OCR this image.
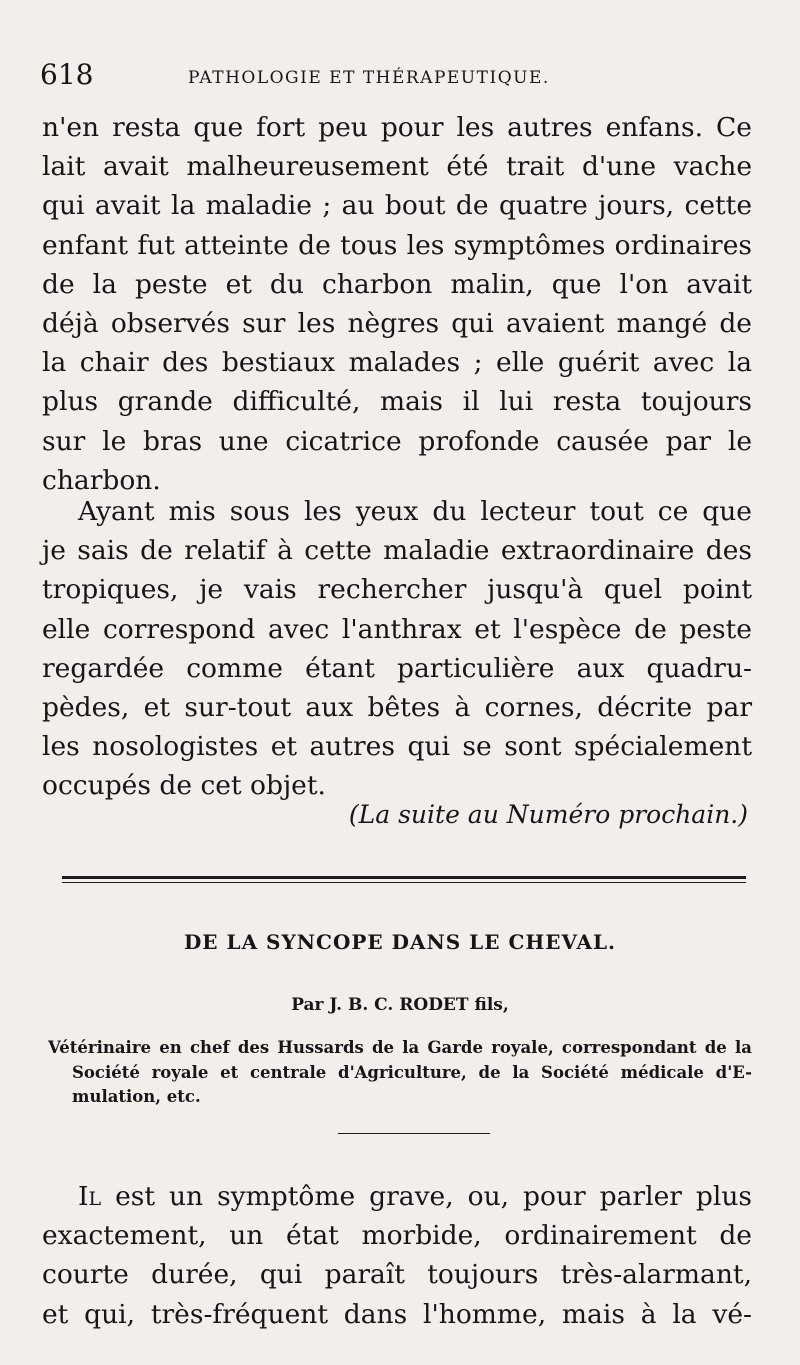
618	PATHOLOGIE ET THÉRAPEUTIQUE.
n'en resta que fort peu pour les autres enfans. Ce
lait avait malheureusement été trait d'une vache
qui avait la maladie ; au bout de quatre jours, cette
enfant fut atteinte de tous les symptômes ordinaires
de la peste et du charbon malin, que l'on avait
déjà observés sur les nègres qui avaient mangé de
la chair des bestiaux malades ; elle guérit avec la
plus grande difficulté, mais il lui resta toujours
sur le bras une cicatrice profonde causée par le
charbon.
Ayant mis sous les yeux du lecteur tout ce que
je sais de relatif à cette maladie extraordinaire des
tropiques, je vais rechercher jusqu'à quel point
elle correspond avec l'anthrax et l'espèce de peste
regardée comme étant particulière aux quadru-
pèdes, et sur-tout aux bêtes à cornes, décrite par
les nosologistes et autres qui se sont spécialement
occupés de cet objet.
(La suite au Numéro prochain.)
DE LA SYNCOPE DANS LE CHEVAL.
Par J. B. C. RODET fils,
Vétérinaire en chef des Hussards de la Garde royale, correspondant de la
Société royale et centrale d'Agriculture, de la Société médicale d'E-
mulation, etc.
Il est un symptôme grave, ou, pour parler plus
exactement, un état morbide, ordinairement de
courte durée, qui paraît toujours très-alarmant,
et qui, très-fréquent dans l'homme, mais à la vé-
